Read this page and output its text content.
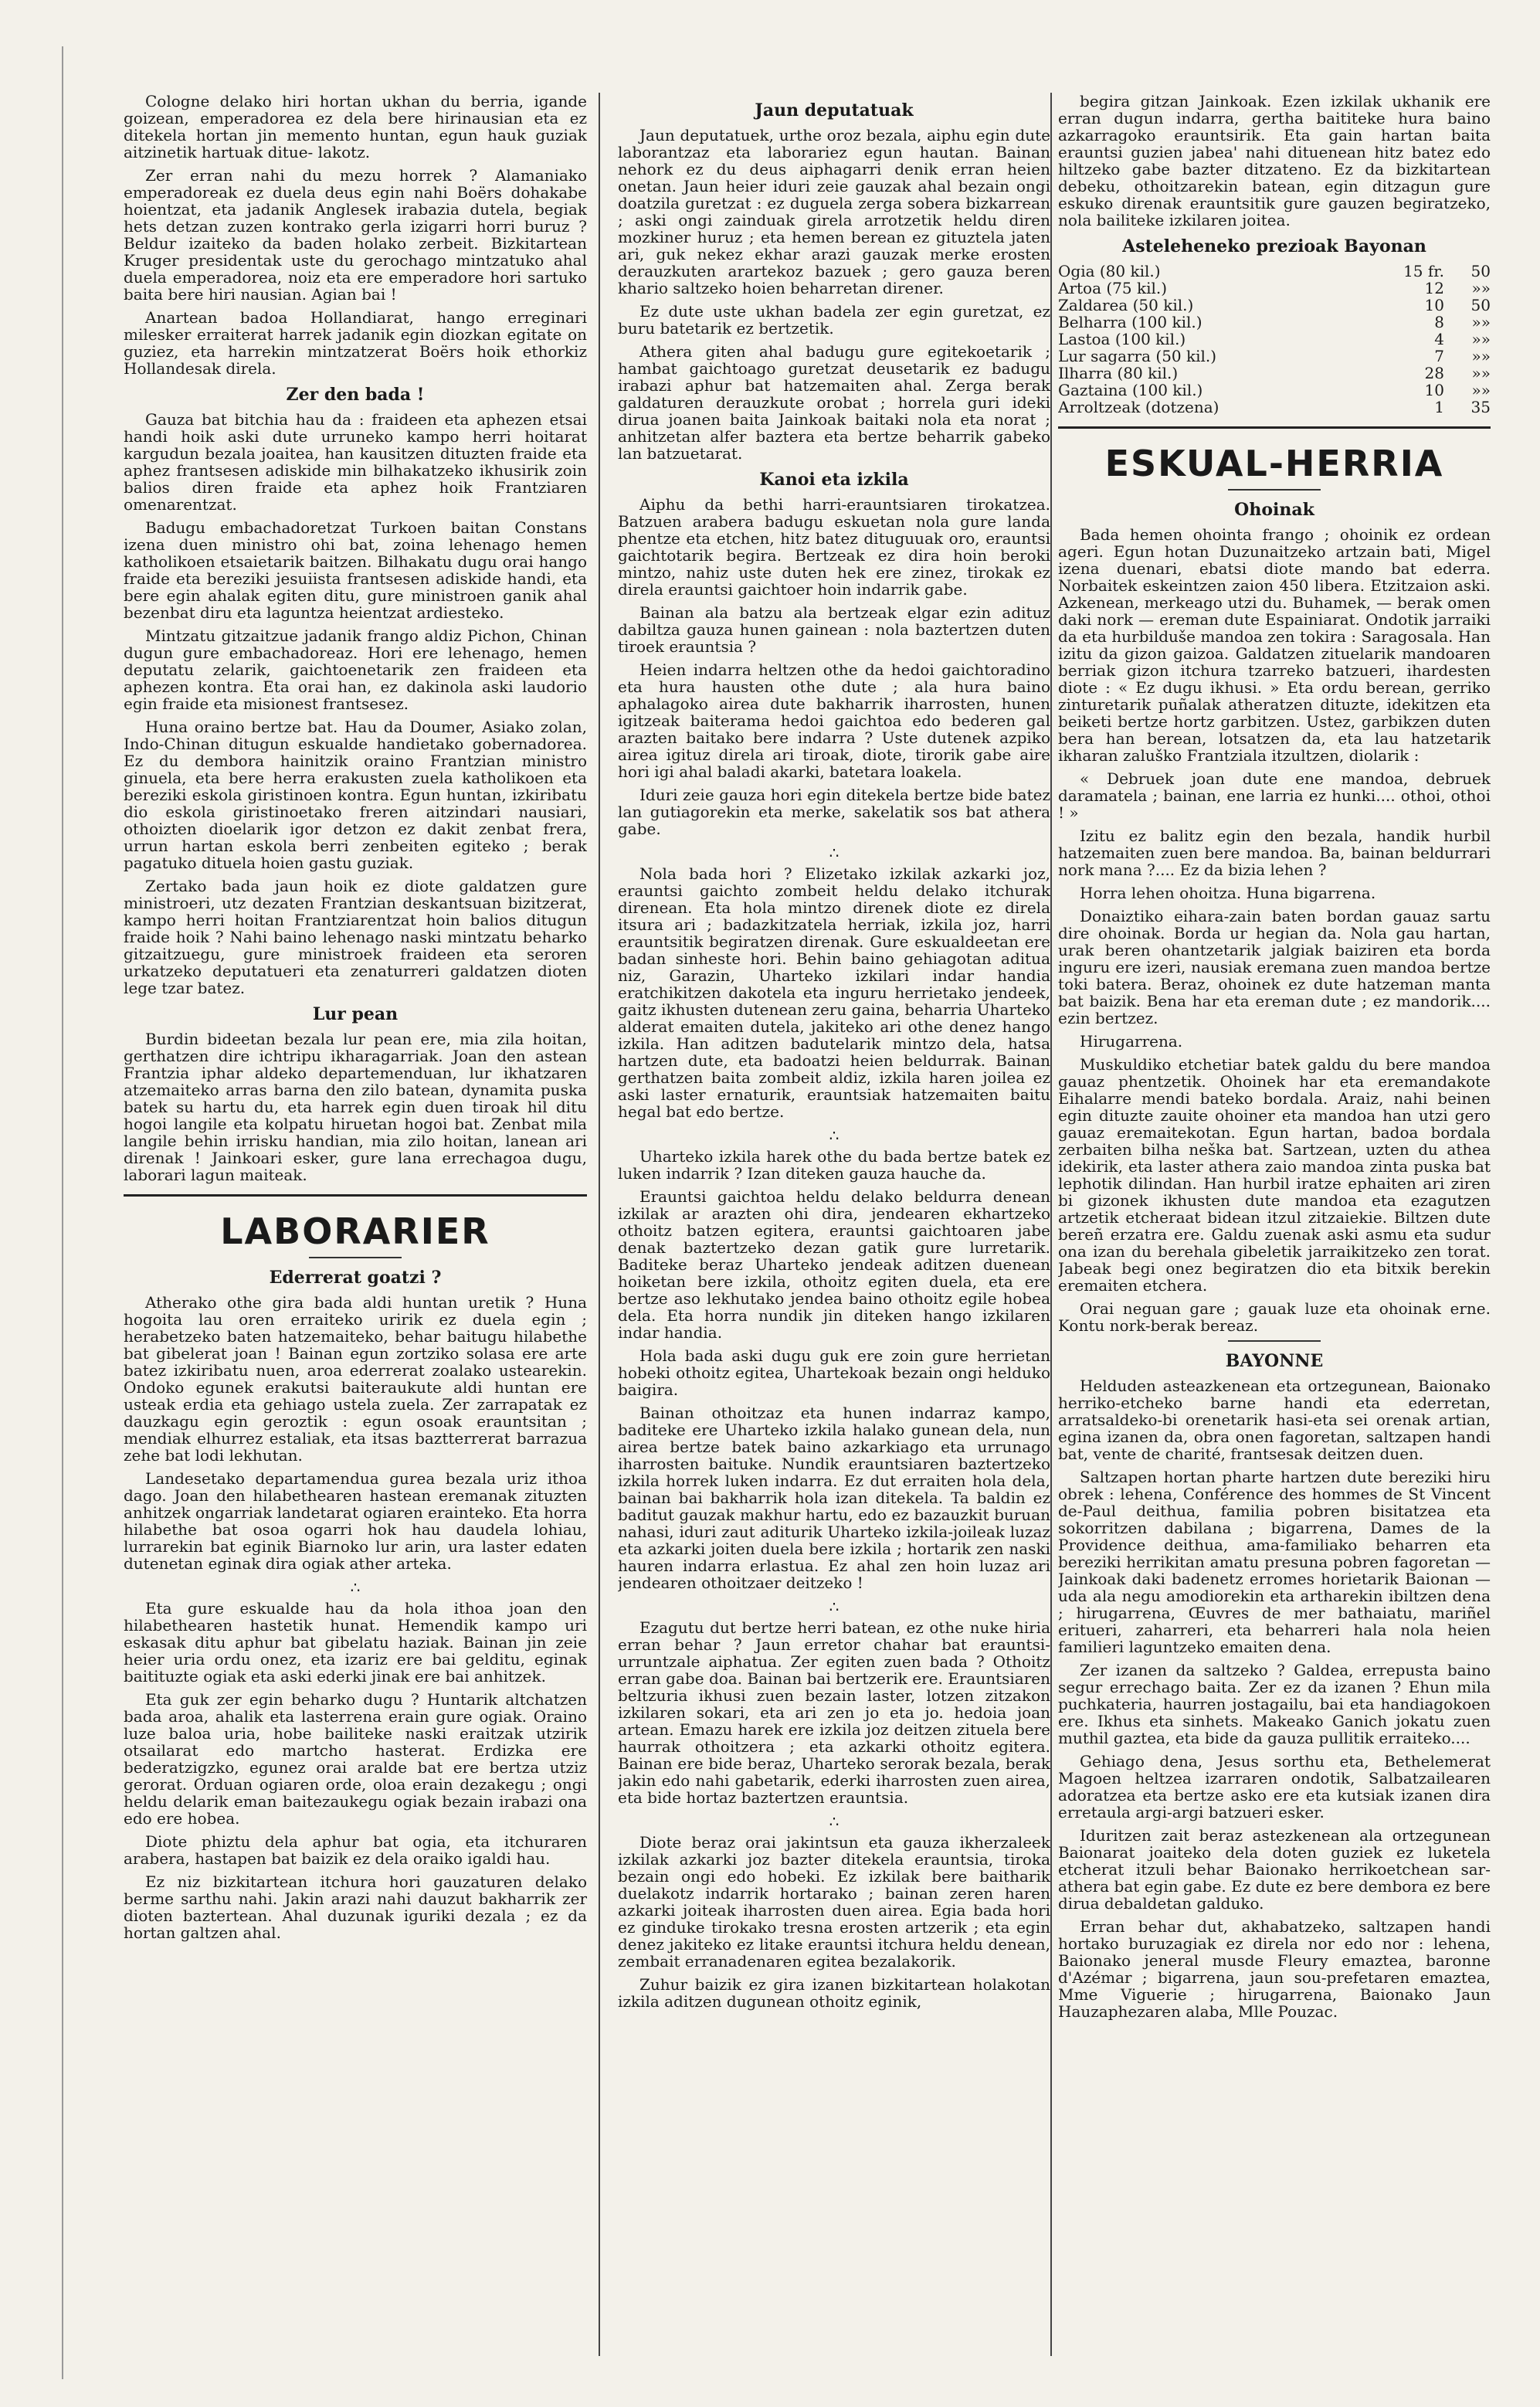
Cologne delako hiri hortan ukhan du berria, igande goizean, emperadorea ez dela bere hirinausian eta ez ditekela hortan jin memento huntan, egun hauk guziak aitzinetik hartuak ditue- lakotz.

Zer erran nahi du mezu horrek ? Alamaniako emperadoreak ez duela deus egin nahi Boërs dohakabe hoientzat, eta jadanik Anglesek irabazia dutela, begiak hets detzan zuzen kontrako gerla izigarri horri buruz ? Beldur izaiteko da baden holako zerbeit. Bizkitartean Kruger presidentak uste du gerochago mintzatuko ahal duela emperadorea, noiz eta ere emperadore hori sartuko baita bere hiri nausian. Agian bai !

Anartean badoa Hollandiarat, hango erreginari milesker erraiterat harrek jadanik egin diozkan egitate on guziez, eta harrekin mintzatzerat Boërs hoik ethorkiz Hollandesak direla.

Zer den bada !

Gauza bat bitchia hau da : fraideen eta aphezen etsai handi hoik aski dute urruneko kampo herri hoitarat kargudun bezala joaitea, han kausitzen dituzten fraide eta aphez frantsesen adiskide min bilhakatzeko ikhusirik zoin balios diren fraide eta aphez hoik Frantziaren omenarentzat.

Badugu embachadoretzat Turkoen baitan Constans izena duen ministro ohi bat, zoina lehenago hemen katholikoen etsaietarik baitzen. Bilhakatu dugu orai hango fraide eta bereziki jesuiista frantsesen adiskide handi, eta bere egin ahalak egiten ditu, gure ministroen ganik ahal bezenbat diru eta laguntza heientzat ardiesteko.

Mintzatu gitzaitzue jadanik frango aldiz Pichon, Chinan dugun gure embachadoreaz. Hori ere lehenago, hemen deputatu zelarik, gaichtoenetarik zen fraideen eta aphezen kontra. Eta orai han, ez dakinola aski laudorio egin fraide eta misionest frantsesez.

Huna oraino bertze bat. Hau da Doumer, Asiako zolan, Indo-Chinan ditugun eskualde handietako gobernadorea. Ez du dembora hainitzik oraino Frantzian ministro ginuela, eta bere herra erakusten zuela katholikoen eta bereziki eskola giristinoen kontra. Egun huntan, izkiribatu dio eskola giristinoetako freren aitzindari nausiari, othoizten dioelarik igor detzon ez dakit zenbat frera, urrun hartan eskola berri zenbeiten egiteko ; berak pagatuko dituela hoien gastu guziak.

Zertako bada jaun hoik ez diote galdatzen gure ministroeri, utz dezaten Frantzian deskantsuan bizitzerat, kampo herri hoitan Frantziarentzat hoin balios ditugun fraide hoik ? Nahi baino lehenago naski mintzatu beharko gitzaitzuegu, gure ministroek fraideen eta seroren urkatzeko deputatueri eta zenaturreri galdatzen dioten lege tzar batez.

Lur pean

Burdin bideetan bezala lur pean ere, mia zila hoitan, gerthatzen dire ichtripu ikharagarriak. Joan den astean Frantzia iphar aldeko departemenduan, lur ikhatzaren atzemaiteko arras barna den zilo batean, dynamita puska batek su hartu du, eta harrek egin duen tiroak hil ditu hogoi langile eta kolpatu hiruetan hogoi bat. Zenbat mila langile behin irrisku handian, mia zilo hoitan, lanean ari direnak ! Jainkoari esker, gure lana errechagoa dugu, laborari lagun maiteak.

LABORARIER
Ederrerat goatzi ?

Atherako othe gira bada aldi huntan uretik ? Huna hogoita lau oren erraiteko uririk ez duela egin ; herabetzeko baten hatzemaiteko, behar baitugu hilabethe bat gibelerat joan ! Bainan egun zortziko solasa ere arte batez izkiribatu nuen, aroa ederrerat zoalako ustearekin. Ondoko egunek erakutsi baiteraukute aldi huntan ere usteak erdia eta gehiago ustela zuela. Zer zarrapatak ez dauzkagu egin geroztik : egun osoak erauntsitan ; mendiak elhurrez estaliak, eta itsas baztterrerat barrazua zehe bat lodi lekhutan.

Landesetako departamendua gurea bezala uriz ithoa dago. Joan den hilabethearen hastean eremanak zituzten anhitzek ongarriak landetarat ogiaren erainteko. Eta horra hilabethe bat osoa ogarri hok hau daudela lohiau, lurrarekin bat eginik Biarnoko lur arin, ura laster edaten dutenetan eginak dira ogiak ather arteka.

∴

Eta gure eskualde hau da hola ithoa joan den hilabethearen hastetik hunat. Hemendik kampo uri eskasak ditu aphur bat gibelatu haziak. Bainan jin zeie heier uria ordu onez, eta izariz ere bai gelditu, eginak baitituzte ogiak eta aski ederki jinak ere bai anhitzek.

Eta guk zer egin beharko dugu ? Huntarik altchatzen bada aroa, ahalik eta lasterrena erain gure ogiak. Oraino luze baloa uria, hobe bailiteke naski eraitzak utzirik otsailarat edo martcho hasterat. Erdizka ere bederatzigzko, egunez orai aralde bat ere bertza utziz gerorat. Orduan ogiaren orde, oloa erain dezakegu ; ongi heldu delarik eman baitezaukegu ogiak bezain irabazi ona edo ere hobea.

Diote phiztu dela aphur bat ogia, eta itchuraren arabera, hastapen bat baizik ez dela oraiko igaldi hau.

Ez niz bizkitartean itchura hori gauzaturen delako berme sarthu nahi. Jakin arazi nahi dauzut bakharrik zer dioten baztertean. Ahal duzunak iguriki dezala ; ez da hortan galtzen ahal.

Jaun deputatuak

Jaun deputatuek, urthe oroz bezala, aiphu egin dute laborantzaz eta laborariez egun hautan. Bainan nehork ez du deus aiphagarri denik erran heien onetan. Jaun heier iduri zeie gauzak ahal bezain ongi doatzila guretzat : ez duguela zerga sobera bizkarrean ; aski ongi zainduak girela arrotzetik heldu diren mozkiner huruz ; eta hemen berean ez gituztela jaten ari, guk nekez ekhar arazi gauzak merke erosten derauzkuten arartekoz bazuek ; gero gauza beren khario saltzeko hoien beharretan direner.

Ez dute uste ukhan badela zer egin guretzat, ez buru batetarik ez bertzetik.

Athera giten ahal badugu gure egitekoetarik ; hambat gaichtoago guretzat deusetarik ez badugu irabazi aphur bat hatzemaiten ahal. Zerga berak galdaturen derauzkute orobat ; horrela guri ideki dirua joanen baita Jainkoak baitaki nola eta norat ; anhitzetan alfer baztera eta bertze beharrik gabeko lan batzuetarat.

Kanoi eta izkila

Aiphu da bethi harri-erauntsiaren tirokatzea. Batzuen arabera badugu eskuetan nola gure landa phentze eta etchen, hitz batez dituguuak oro, erauntsi gaichtotarik begira. Bertzeak ez dira hoin beroki mintzo, nahiz uste duten hek ere zinez, tirokak ez direla erauntsi gaichtoer hoin indarrik gabe.

Bainan ala batzu ala bertzeak elgar ezin adituz dabiltza gauza hunen gainean : nola baztertzen duten tiroek erauntsia ?

Heien indarra heltzen othe da hedoi gaichtoradino eta hura hausten othe dute ; ala hura baino aphalagoko airea dute bakharrik iharrosten, hunen igitzeak baiterama hedoi gaichtoa edo bederen gal arazten baitako bere indarra ? Uste dutenek azpiko airea igituz direla ari tiroak, diote, tirorik gabe aire hori igi ahal baladi akarki, batetara loakela.

Iduri zeie gauza hori egin ditekela bertze bide batez lan gutiagorekin eta merke, sakelatik sos bat athera gabe.

∴

Nola bada hori ? Elizetako izkilak azkarki joz, erauntsi gaichto zombeit heldu delako itchurak direnean. Eta hola mintzo direnek diote ez direla itsura ari ; badazkitzatela herriak, izkila joz, harri erauntsitik begiratzen direnak. Gure eskualdeetan ere badan sinheste hori. Behin baino gehiagotan aditua niz, Garazin, Uharteko izkilari indar handia eratchikitzen dakotela eta inguru herrietako jendeek, gaitz ikhusten dutenean zeru gaina, beharria Uharteko alderat emaiten dutela, jakiteko ari othe denez hango izkila. Han aditzen badutelarik mintzo dela, hatsa hartzen dute, eta badoatzi heien beldurrak. Bainan gerthatzen baita zombeit aldiz, izkila haren joilea ez aski laster ernaturik, erauntsiak hatzemaiten baitu hegal bat edo bertze.

∴

Uharteko izkila harek othe du bada bertze batek ez luken indarrik ? Izan diteken gauza hauche da.

Erauntsi gaichtoa heldu delako beldurra denean izkilak ar arazten ohi dira, jendearen ekhartzeko othoitz batzen egitera, erauntsi gaichtoaren jabe denak baztertzeko dezan gatik gure lurretarik. Baditeke beraz Uharteko jendeak aditzen duenean hoiketan bere izkila, othoitz egiten duela, eta ere bertze aso lekhutako jendea baino othoitz egile hobea dela. Eta horra nundik jin diteken hango izkilaren indar handia.

Hola bada aski dugu guk ere zoin gure herrietan hobeki othoitz egitea, Uhartekoak bezain ongi helduko baigira.

Bainan othoitzaz eta hunen indarraz kampo, baditeke ere Uharteko izkila halako gunean dela, nun airea bertze batek baino azkarkiago eta urrunago iharrosten baituke. Nundik erauntsiaren baztertzeko izkila horrek luken indarra. Ez dut erraiten hola dela, bainan bai bakharrik hola izan ditekela. Ta baldin ez baditut gauzak makhur hartu, edo ez bazauzkit buruan nahasi, iduri zaut aditurik Uharteko izkila-joileak luzaz eta azkarki joiten duela bere izkila ; hortarik zen naski hauren indarra erlastua. Ez ahal zen hoin luzaz ari jendearen othoitzaer deitzeko !

∴

Ezagutu dut bertze herri batean, ez othe nuke hiria erran behar ? Jaun erretor chahar bat erauntsi-urruntzale aiphatua. Zer egiten zuen bada ? Othoitz erran gabe doa. Bainan bai bertzerik ere. Erauntsiaren beltzuria ikhusi zuen bezain laster, lotzen zitzakon izkilaren sokari, eta ari zen jo eta jo. hedoia joan artean. Emazu harek ere izkila joz deitzen zituela bere haurrak othoitzera ; eta azkarki othoitz egitera. Bainan ere bide beraz, Uharteko serorak bezala, berak jakin edo nahi gabetarik, ederki iharrosten zuen airea, eta bide hortaz baztertzen erauntsia.

∴

Diote beraz orai jakintsun eta gauza ikherzaleek izkilak azkarki joz bazter ditekela erauntsia, tiroka bezain ongi edo hobeki. Ez izkilak bere baitharik duelakotz indarrik hortarako ; bainan zeren haren azkarki joiteak iharrosten duen airea. Egia bada hori ez ginduke tirokako tresna erosten artzerik ; eta egin denez jakiteko ez litake erauntsi itchura heldu denean, zembait erranadenaren egitea bezalakorik.

Zuhur baizik ez gira izanen bizkitartean holakotan izkila aditzen dugunean othoitz eginik,

begira gitzan Jainkoak. Ezen izkilak ukhanik ere erran dugun indarra, gertha baititeke hura baino azkarragoko erauntsirik. Eta gain hartan baita erauntsi guzien jabea' nahi dituenean hitz batez edo hiltzeko gabe bazter ditzateno. Ez da bizkitartean debeku, othoitzarekin batean, egin ditzagun gure eskuko direnak erauntsitik gure gauzen begiratzeko, nola bailiteke izkilaren joitea.

Asteleheneko prezioak Bayonan
Ogia (80 kil.)	15 fr.	50
Artoa (75 kil.)	12	»»
Zaldarea (50 kil.)	10	50
Belharra (100 kil.)	8	»»
Lastoa (100 kil.)	4	»»
Lur sagarra (50 kil.)	7	»»
Ilharra (80 kil.)	28	»»
Gaztaina (100 kil.)	10	»»
Arroltzeak (dotzena)	1	35
ESKUAL-HERRIA
Ohoinak

Bada hemen ohointa frango ; ohoinik ez ordean ageri. Egun hotan Duzunaitzeko artzain bati, Migel izena duenari, ebatsi diote mando bat ederra. Norbaitek eskeintzen zaion 450 libera. Etzitzaion aski. Azkenean, merkeago utzi du. Buhamek, — berak omen daki nork — ereman dute Espainiarat. Ondotik jarraiki da eta hurbilduše mandoa zen tokira : Saragosala. Han izitu da gizon gaizoa. Galdatzen zituelarik mandoaren berriak gizon itchura tzarreko batzueri, ihardesten diote : « Ez dugu ikhusi. » Eta ordu berean, gerriko zinturetarik puñalak atheratzen dituzte, idekitzen eta beiketi bertze hortz garbitzen. Ustez, garbikzen duten bera han berean, lotsatzen da, eta lau hatzetarik ikharan zaluško Frantziala itzultzen, diolarik :

« Debruek joan dute ene mandoa, debruek daramatela ; bainan, ene larria ez hunki.... othoi, othoi ! »

Izitu ez balitz egin den bezala, handik hurbil hatzemaiten zuen bere mandoa. Ba, bainan beldurrari nork mana ?.... Ez da bizia lehen ?

Horra lehen ohoitza. Huna bigarrena.

Donaiztiko eihara-zain baten bordan gauaz sartu dire ohoinak. Borda ur hegian da. Nola gau hartan, urak beren ohantzetarik jalgiak baiziren eta borda inguru ere izeri, nausiak eremana zuen mandoa bertze toki batera. Beraz, ohoinek ez dute hatzeman manta bat baizik. Bena har eta ereman dute ; ez mandorik.... ezin bertzez.

Hirugarrena.

Muskuldiko etchetiar batek galdu du bere mandoa gauaz phentzetik. Ohoinek har eta eremandakote Eihalarre mendi bateko bordala. Araiz, nahi beinen egin dituzte zauite ohoiner eta mandoa han utzi gero gauaz eremaitekotan. Egun hartan, badoa bordala zerbaiten bilha neška bat. Sartzean, uzten du athea idekirik, eta laster athera zaio mandoa zinta puska bat lephotik dilindan. Han hurbil iratze ephaiten ari ziren bi gizonek ikhusten dute mandoa eta ezagutzen artzetik etcheraat bidean itzul zitzaiekie. Biltzen dute bereñ erzatra ere. Galdu zuenak aski asmu eta sudur ona izan du berehala gibeletik jarraikitzeko zen torat. Jabeak begi onez begiratzen dio eta bitxik berekin eremaiten etchera.

Orai neguan gare ; gauak luze eta ohoinak erne. Kontu nork-berak bereaz.

BAYONNE

Helduden asteazkenean eta ortzegunean, Baionako herriko-etcheko barne handi eta ederretan, arratsaldeko-bi orenetarik hasi-eta sei orenak artian, egina izanen da, obra onen fagoretan, saltzapen handi bat, vente de charité, frantsesak deitzen duen.

Saltzapen hortan pharte hartzen dute bereziki hiru obrek : lehena, Conférence des hommes de St Vincent de-Paul deithua, familia pobren bisitatzea eta sokorritzen dabilana ; bigarrena, Dames de la Providence deithua, ama-familiako beharren eta bereziki herrikitan amatu presuna pobren fagoretan — Jainkoak daki badenetz erromes horietarik Baionan — uda ala negu amodiorekin eta artharekin ibiltzen dena ; hirugarrena, Œuvres de mer bathaiatu, mariñel eritueri, zaharreri, eta beharreri hala nola heien familieri laguntzeko emaiten dena.

Zer izanen da saltzeko ? Galdea, errepusta baino segur errechago baita. Zer ez da izanen ? Ehun mila puchkateria, haurren jostagailu, bai eta handiagokoen ere. Ikhus eta sinhets. Makeako Ganich jokatu zuen muthil gaztea, eta bide da gauza pullitik erraiteko....

Gehiago dena, Jesus sorthu eta, Bethelemerat Magoen heltzea izarraren ondotik, Salbatzailearen adoratzea eta bertze asko ere eta kutsiak izanen dira erretaula argi-argi batzueri esker.

Iduritzen zait beraz astezkenean ala ortzegunean Baionarat joaiteko dela doten guziek ez luketela etcherat itzuli behar Baionako herrikoetchean sar-athera bat egin gabe. Ez dute ez bere dembora ez bere dirua debaldetan galduko.

Erran behar dut, akhabatzeko, saltzapen handi hortako buruzagiak ez direla nor edo nor : lehena, Baionako jeneral musde Fleury emaztea, baronne d'Azémar ; bigarrena, jaun sou-prefetaren emaztea, Mme Viguerie ; hirugarrena, Baionako Jaun Hauzaphezaren alaba, Mlle Pouzac.
